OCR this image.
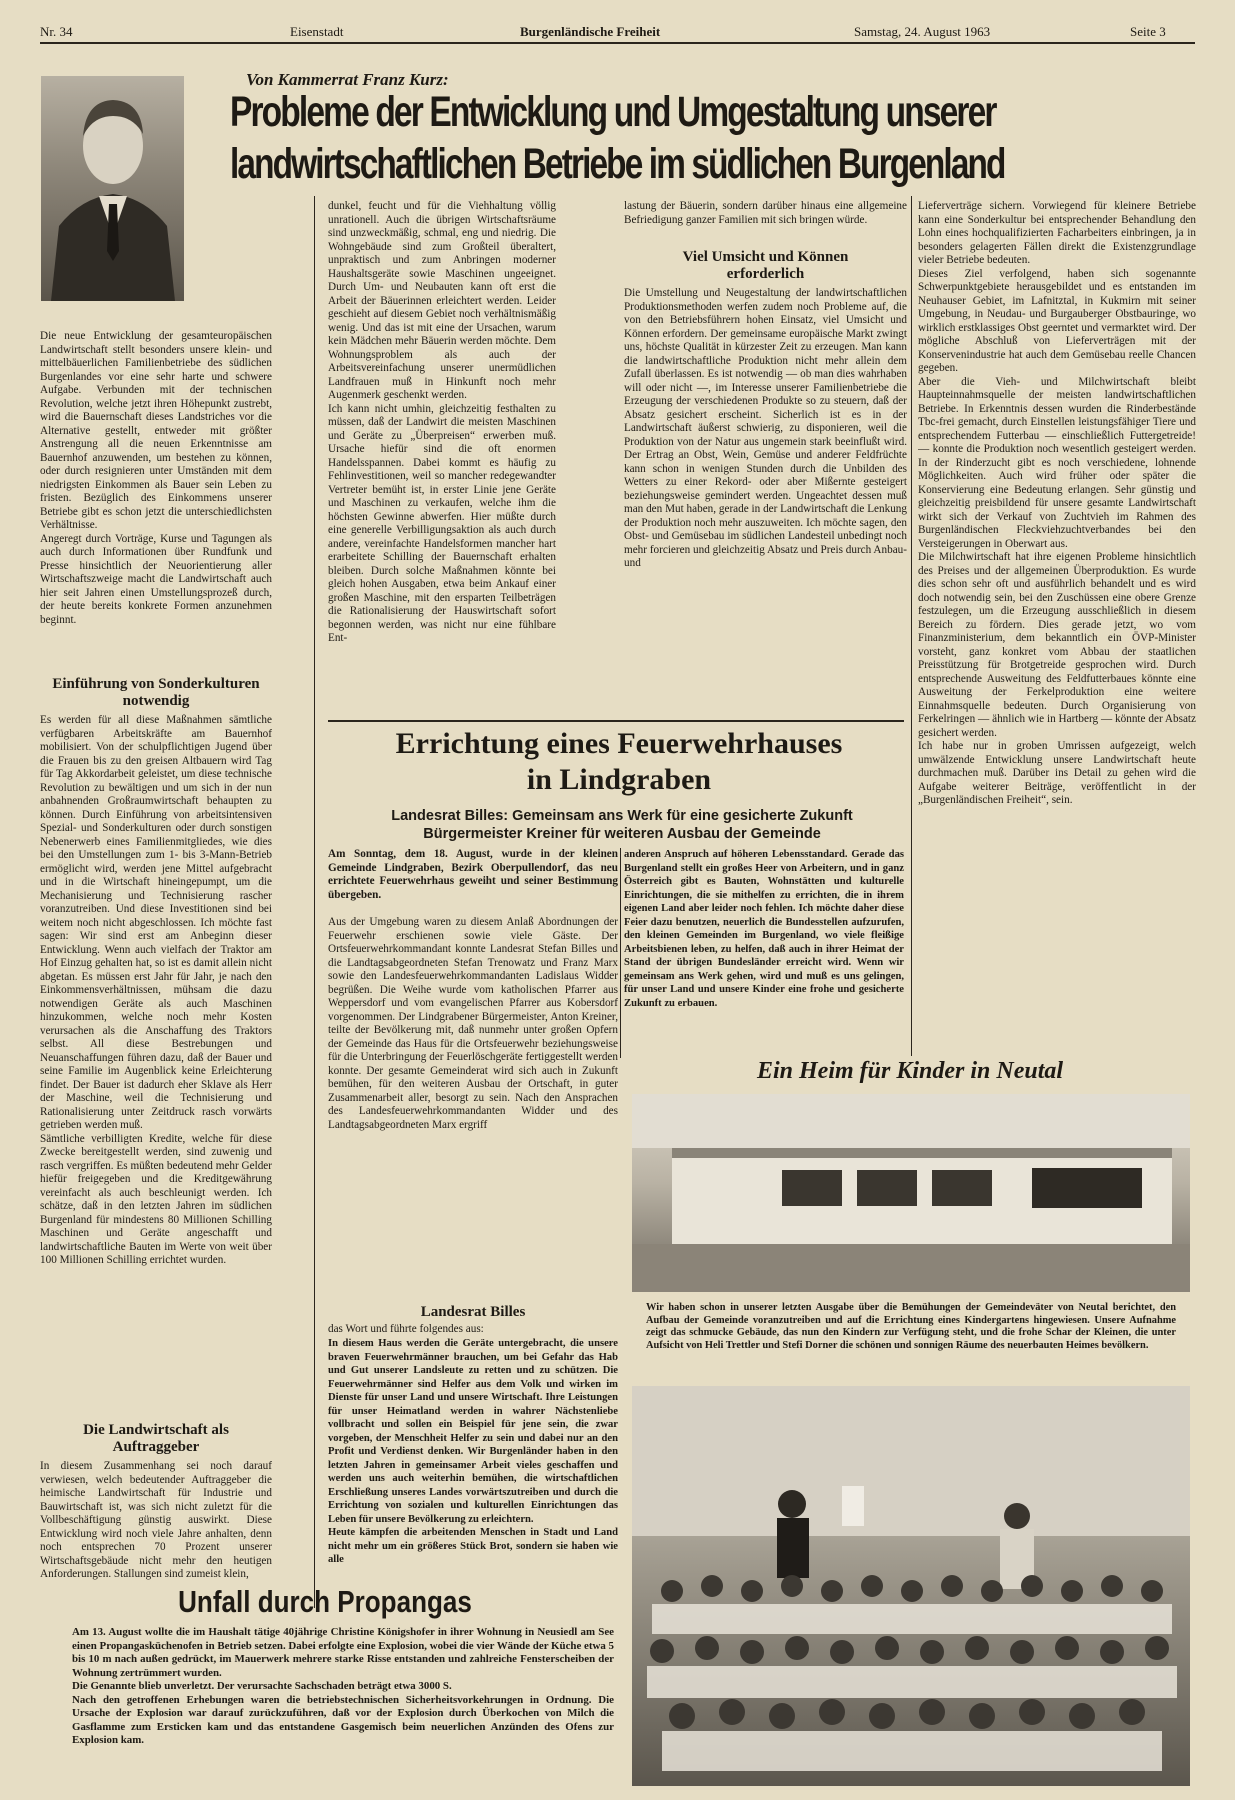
Nr. 34	Eisenstadt	Burgenländische Freiheit	Samstag, 24. August 1963	Seite 3
Von Kammerrat Franz Kurz:
Probleme der Entwicklung und Umgestaltung unserer
landwirtschaftlichen Betriebe im südlichen Burgenland

Die neue Entwicklung der gesamteuropäischen Landwirtschaft stellt besonders unsere klein- und mittelbäuerlichen Familienbetriebe des südlichen Burgenlandes vor eine sehr harte und schwere Aufgabe. Verbunden mit der technischen Revolution, welche jetzt ihren Höhepunkt zustrebt, wird die Bauernschaft dieses Landstriches vor die Alternative gestellt, entweder mit größter Anstrengung all die neuen Erkenntnisse am Bauernhof anzuwenden, um bestehen zu können, oder durch resignieren unter Umständen mit dem niedrigsten Einkommen als Bauer sein Leben zu fristen. Bezüglich des Einkommens unserer Betriebe gibt es schon jetzt die unterschiedlichsten Verhältnisse.
Angeregt durch Vorträge, Kurse und Tagungen als auch durch Informationen über Rundfunk und Presse hinsichtlich der Neuorientierung aller Wirtschaftszweige macht die Landwirtschaft auch hier seit Jahren einen Umstellungsprozeß durch, der heute bereits konkrete Formen anzunehmen beginnt.

Einführung von Sonderkulturen notwendig

Es werden für all diese Maßnahmen sämtliche verfügbaren Arbeitskräfte am Bauernhof mobilisiert. Von der schulpflichtigen Jugend über die Frauen bis zu den greisen Altbauern wird Tag für Tag Akkordarbeit geleistet, um diese technische Revolution zu bewältigen und um sich in der nun anbahnenden Großraumwirtschaft behaupten zu können. Durch Einführung von arbeitsintensiven Spezial- und Sonderkulturen oder durch sonstigen Nebenerwerb eines Familienmitgliedes, wie dies bei den Umstellungen zum 1- bis 3-Mann-Betrieb ermöglicht wird, werden jene Mittel aufgebracht und in die Wirtschaft hineingepumpt, um die Mechanisierung und Technisierung rascher voranzutreiben. Und diese Investitionen sind bei weitem noch nicht abgeschlossen. Ich möchte fast sagen: Wir sind erst am Anbeginn dieser Entwicklung. Wenn auch vielfach der Traktor am Hof Einzug gehalten hat, so ist es damit allein nicht abgetan. Es müssen erst Jahr für Jahr, je nach den Einkommensverhältnissen, mühsam die dazu notwendigen Geräte als auch Maschinen hinzukommen, welche noch mehr Kosten verursachen als die Anschaffung des Traktors selbst. All diese Bestrebungen und Neuanschaffungen führen dazu, daß der Bauer und seine Familie im Augenblick keine Erleichterung findet. Der Bauer ist dadurch eher Sklave als Herr der Maschine, weil die Technisierung und Rationalisierung unter Zeitdruck rasch vorwärts getrieben werden muß.
Sämtliche verbilligten Kredite, welche für diese Zwecke bereitgestellt werden, sind zuwenig und rasch vergriffen. Es müßten bedeutend mehr Gelder hiefür freigegeben und die Kreditgewährung vereinfacht als auch beschleunigt werden. Ich schätze, daß in den letzten Jahren im südlichen Burgenland für mindestens 80 Millionen Schilling Maschinen und Geräte angeschafft und landwirtschaftliche Bauten im Werte von weit über 100 Millionen Schilling errichtet wurden.

Die Landwirtschaft als Auftraggeber

In diesem Zusammenhang sei noch darauf verwiesen, welch bedeutender Auftraggeber die heimische Landwirtschaft für Industrie und Bauwirtschaft ist, was sich nicht zuletzt für die Vollbeschäftigung günstig auswirkt. Diese Entwicklung wird noch viele Jahre anhalten, denn noch entsprechen 70 Prozent unserer Wirtschaftsgebäude nicht mehr den heutigen Anforderungen. Stallungen sind zumeist klein,

dunkel, feucht und für die Viehhaltung völlig unrationell. Auch die übrigen Wirtschaftsräume sind unzweckmäßig, schmal, eng und niedrig. Die Wohngebäude sind zum Großteil überaltert, unpraktisch und zum Anbringen moderner Haushaltsgeräte sowie Maschinen ungeeignet. Durch Um- und Neubauten kann oft erst die Arbeit der Bäuerinnen erleichtert werden. Leider geschieht auf diesem Gebiet noch verhältnismäßig wenig. Und das ist mit eine der Ursachen, warum kein Mädchen mehr Bäuerin werden möchte. Dem Wohnungsproblem als auch der Arbeitsvereinfachung unserer unermüdlichen Landfrauen muß in Hinkunft noch mehr Augenmerk geschenkt werden.
Ich kann nicht umhin, gleichzeitig festhalten zu müssen, daß der Landwirt die meisten Maschinen und Geräte zu „Überpreisen“ erwerben muß. Ursache hiefür sind die oft enormen Handelsspannen. Dabei kommt es häufig zu Fehlinvestitionen, weil so mancher redegewandter Vertreter bemüht ist, in erster Linie jene Geräte und Maschinen zu verkaufen, welche ihm die höchsten Gewinne abwerfen. Hier müßte durch eine generelle Verbilligungsaktion als auch durch andere, vereinfachte Handelsformen mancher hart erarbeitete Schilling der Bauernschaft erhalten bleiben. Durch solche Maßnahmen könnte bei gleich hohen Ausgaben, etwa beim Ankauf einer großen Maschine, mit den ersparten Teilbeträgen die Rationalisierung der Hauswirtschaft sofort begonnen werden, was nicht nur eine fühlbare Ent-

lastung der Bäuerin, sondern darüber hinaus eine allgemeine Befriedigung ganzer Familien mit sich bringen würde.

Viel Umsicht und Können erforderlich

Die Umstellung und Neugestaltung der landwirtschaftlichen Produktionsmethoden werfen zudem noch Probleme auf, die von den Betriebsführern hohen Einsatz, viel Umsicht und Können erfordern. Der gemeinsame europäische Markt zwingt uns, höchste Qualität in kürzester Zeit zu erzeugen. Man kann die landwirtschaftliche Produktion nicht mehr allein dem Zufall überlassen. Es ist notwendig — ob man dies wahrhaben will oder nicht —, im Interesse unserer Familienbetriebe die Erzeugung der verschiedenen Produkte so zu steuern, daß der Absatz gesichert erscheint. Sicherlich ist es in der Landwirtschaft äußerst schwierig, zu disponieren, weil die Produktion von der Natur aus ungemein stark beeinflußt wird. Der Ertrag an Obst, Wein, Gemüse und anderer Feldfrüchte kann schon in wenigen Stunden durch die Unbilden des Wetters zu einer Rekord- oder aber Mißernte gesteigert beziehungsweise gemindert werden. Ungeachtet dessen muß man den Mut haben, gerade in der Landwirtschaft die Lenkung der Produktion noch mehr auszuweiten. Ich möchte sagen, den Obst- und Gemüsebau im südlichen Landesteil unbedingt noch mehr forcieren und gleichzeitig Absatz und Preis durch Anbau- und

Lieferverträge sichern. Vorwiegend für kleinere Betriebe kann eine Sonderkultur bei entsprechender Behandlung den Lohn eines hochqualifizierten Facharbeiters einbringen, ja in besonders gelagerten Fällen direkt die Existenzgrundlage vieler Betriebe bedeuten.
Dieses Ziel verfolgend, haben sich sogenannte Schwerpunktgebiete herausgebildet und es entstanden im Neuhauser Gebiet, im Lafnitztal, in Kukmirn mit seiner Umgebung, in Neudau- und Burgauberger Obstbauringe, wo wirklich erstklassiges Obst geerntet und vermarktet wird. Der mögliche Abschluß von Lieferverträgen mit der Konservenindustrie hat auch dem Gemüsebau reelle Chancen gegeben.
Aber die Vieh- und Milchwirtschaft bleibt Haupteinnahmsquelle der meisten landwirtschaftlichen Betriebe. In Erkenntnis dessen wurden die Rinderbestände Tbc-frei gemacht, durch Einstellen leistungsfähiger Tiere und entsprechendem Futterbau — einschließlich Futtergetreide! — konnte die Produktion noch wesentlich gesteigert werden. In der Rinderzucht gibt es noch verschiedene, lohnende Möglichkeiten. Auch wird früher oder später die Konservierung eine Bedeutung erlangen. Sehr günstig und gleichzeitig preisbildend für unsere gesamte Landwirtschaft wirkt sich der Verkauf von Zuchtvieh im Rahmen des Burgenländischen Fleckviehzuchtverbandes bei den Versteigerungen in Oberwart aus.
Die Milchwirtschaft hat ihre eigenen Probleme hinsichtlich des Preises und der allgemeinen Überproduktion. Es wurde dies schon sehr oft und ausführlich behandelt und es wird doch notwendig sein, bei den Zuschüssen eine obere Grenze festzulegen, um die Erzeugung ausschließlich in diesem Bereich zu fördern. Dies gerade jetzt, wo vom Finanzministerium, dem bekanntlich ein ÖVP-Minister vorsteht, ganz konkret vom Abbau der staatlichen Preisstützung für Brotgetreide gesprochen wird. Durch entsprechende Ausweitung des Feldfutterbaues könnte eine Ausweitung der Ferkelproduktion eine weitere Einnahmsquelle bedeuten. Durch Organisierung von Ferkelringen — ähnlich wie in Hartberg — könnte der Absatz gesichert werden.
Ich habe nur in groben Umrissen aufgezeigt, welch umwälzende Entwicklung unsere Landwirtschaft heute durchmachen muß. Darüber ins Detail zu gehen wird die Aufgabe weiterer Beiträge, veröffentlicht in der „Burgenländischen Freiheit“, sein.

Errichtung eines Feuerwehrhauses
in Lindgraben
Landesrat Billes: Gemeinsam ans Werk für eine gesicherte Zukunft
Bürgermeister Kreiner für weiteren Ausbau der Gemeinde

Am Sonntag, dem 18. August, wurde in der kleinen Gemeinde Lindgraben, Bezirk Oberpullendorf, das neu errichtete Feuerwehrhaus geweiht und seiner Bestimmung übergeben.

Aus der Umgebung waren zu diesem Anlaß Abordnungen der Feuerwehr erschienen sowie viele Gäste. Der Ortsfeuerwehrkommandant konnte Landesrat Stefan Billes und die Landtagsabgeordneten Stefan Trenowatz und Franz Marx sowie den Landesfeuerwehrkommandanten Ladislaus Widder begrüßen. Die Weihe wurde vom katholischen Pfarrer aus Weppersdorf und vom evangelischen Pfarrer aus Kobersdorf vorgenommen. Der Lindgrabener Bürgermeister, Anton Kreiner, teilte der Bevölkerung mit, daß nunmehr unter großen Opfern der Gemeinde das Haus für die Ortsfeuerwehr beziehungsweise für die Unterbringung der Feuerlöschgeräte fertiggestellt werden konnte. Der gesamte Gemeinderat wird sich auch in Zukunft bemühen, für den weiteren Ausbau der Ortschaft, in guter Zusammenarbeit aller, besorgt zu sein. Nach den Ansprachen des Landesfeuerwehrkommandanten Widder und des Landtagsabgeordneten Marx ergriff

Landesrat Billes

das Wort und führte folgendes aus:

In diesem Haus werden die Geräte untergebracht, die unsere braven Feuerwehrmänner brauchen, um bei Gefahr das Hab und Gut unserer Landsleute zu retten und zu schützen. Die Feuerwehrmänner sind Helfer aus dem Volk und wirken im Dienste für unser Land und unsere Wirtschaft. Ihre Leistungen für unser Heimatland werden in wahrer Nächstenliebe vollbracht und sollen ein Beispiel für jene sein, die zwar vorgeben, der Menschheit Helfer zu sein und dabei nur an den Profit und Verdienst denken. Wir Burgenländer haben in den letzten Jahren in gemeinsamer Arbeit vieles geschaffen und werden uns auch weiterhin bemühen, die wirtschaftlichen Erschließung unseres Landes vorwärtszutreiben und durch die Errichtung von sozialen und kulturellen Einrichtungen das Leben für unsere Bevölkerung zu erleichtern.
Heute kämpfen die arbeitenden Menschen in Stadt und Land nicht mehr um ein größeres Stück Brot, sondern sie haben wie alle

anderen Anspruch auf höheren Lebensstandard. Gerade das Burgenland stellt ein großes Heer von Arbeitern, und in ganz Österreich gibt es Bauten, Wohnstätten und kulturelle Einrichtungen, die sie mithelfen zu errichten, die in ihrem eigenen Land aber leider noch fehlen. Ich möchte daher diese Feier dazu benutzen, neuerlich die Bundesstellen aufzurufen, den kleinen Gemeinden im Burgenland, wo viele fleißige Arbeitsbienen leben, zu helfen, daß auch in ihrer Heimat der Stand der übrigen Bundesländer erreicht wird. Wenn wir gemeinsam ans Werk gehen, wird und muß es uns gelingen, für unser Land und unsere Kinder eine frohe und gesicherte Zukunft zu erbauen.

Ein Heim für Kinder in Neutal

Wir haben schon in unserer letzten Ausgabe über die Bemühungen der Gemeindeväter von Neutal berichtet, den Aufbau der Gemeinde voranzutreiben und auf die Errichtung eines Kindergartens hingewiesen. Unsere Aufnahme zeigt das schmucke Gebäude, das nun den Kindern zur Verfügung steht, und die frohe Schar der Kleinen, die unter Aufsicht von Heli Trettler und Stefi Dorner die schönen und sonnigen Räume des neuerbauten Heimes bevölkern.

Unfall durch Propangas

Am 13. August wollte die im Haushalt tätige 40jährige Christine Königshofer in ihrer Wohnung in Neusiedl am See einen Propangasküchenofen in Betrieb setzen. Dabei erfolgte eine Explosion, wobei die vier Wände der Küche etwa 5 bis 10 m nach außen gedrückt, im Mauerwerk mehrere starke Risse entstanden und zahlreiche Fensterscheiben der Wohnung zertrümmert wurden.
Die Genannte blieb unverletzt. Der verursachte Sachschaden beträgt etwa 3000 S.
Nach den getroffenen Erhebungen waren die betriebstechnischen Sicherheitsvorkehrungen in Ordnung. Die Ursache der Explosion war darauf zurückzuführen, daß vor der Explosion durch Überkochen von Milch die Gasflamme zum Ersticken kam und das entstandene Gasgemisch beim neuerlichen Anzünden des Ofens zur Explosion kam.
